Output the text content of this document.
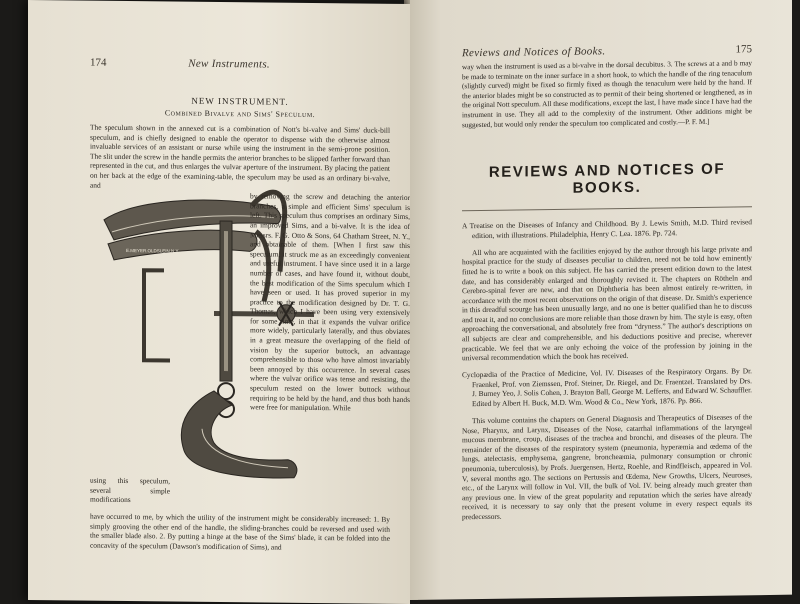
174	New Instruments.

NEW INSTRUMENT.

Combined Bivalve and Sims' Speculum.

The speculum shown in the annexed cut is a combination of Nott's bi-valve and Sims' duck-bill speculum, and is chiefly designed to enable the operator to dispense with the otherwise almost invaluable services of an assistant or nurse while using the instrument in the semi-prone position. The slit under the screw in the handle permits the anterior branches to be slipped farther forward than represented in the cut, and thus enlarges the vulvar aperture of the instrument. By placing the patient on her back at the edge of the examining-table, the speculum may be used as an ordinary bi-valve, and

E.MEYER.OLDSLEIN.N.Y.

by removing the screw and detaching the anterior branches, a simple and efficient Sims' speculum is left. This speculum thus comprises an ordinary Sims, an improved Sims, and a bi-valve. It is the idea of Messrs. F. G. Otto & Sons, 64 Chatham Street, N. Y., and obtainable of them. [When I first saw this speculum, it struck me as an exceedingly convenient and useful instrument. I have since used it in a large number of cases, and have found it, without doubt, the best modification of the Sims speculum which I have seen or used. It has proved superior in my practice to the modification designed by Dr. T. G. Thomas, which I have been using very extensively for some time, in that it expands the vulvar orifice more widely, particularly laterally, and thus obviates in a great measure the overlapping of the field of vision by the superior buttock, an advantage comprehensible to those who have almost invariably been annoyed by this occurrence. In several cases where the vulvar orifice was tense and resisting, the speculum rested on the lower buttock without requiring to be held by the hand, and thus both hands were free for manipulation. While

using this speculum, several simple modifications

have occurred to me, by which the utility of the instrument might be considerably increased: 1. By simply grooving the other end of the handle, the sliding-branches could be reversed and used with the smaller blade also. 2. By putting a hinge at the base of the Sims' blade, it can be folded into the concavity of the speculum (Dawson's modification of Sims), and

Reviews and Notices of Books.	175

way when the instrument is used as a bi-valve in the dorsal decubitus. 3. The screws at a and b may be made to terminate on the inner surface in a short hook, to which the handle of the ring tenaculum (slightly curved) might be fixed so firmly fixed as though the tenaculum were held by the hand. If the anterior blades might be so constructed as to permit of their being shortened or lengthened, as in the original Nott speculum. All these modifications, except the last, I have made since I have had the instrument in use. They all add to the complexity of the instrument. Other additions might be suggested, but would only render the speculum too complicated and costly.—P. F. M.]

REVIEWS AND NOTICES OF BOOKS.

A Treatise on the Diseases of Infancy and Childhood. By J. Lewis Smith, M.D. Third revised edition, with illustrations. Philadelphia, Henry C. Lea. 1876. Pp. 724.

All who are acquainted with the facilities enjoyed by the author through his large private and hospital practice for the study of diseases peculiar to children, need not be told how eminently fitted he is to write a book on this subject. He has carried the present edition down to the latest date, and has considerably enlarged and thoroughly revised it. The chapters on Rötheln and Cerebro-spinal fever are new, and that on Diphtheria has been almost entirely re-written, in accordance with the most recent observations on the origin of that disease. Dr. Smith's experience in this dreadful scourge has been unusually large, and no one is better qualified than he to discuss and treat it, and no conclusions are more reliable than those drawn by him. The style is easy, often approaching the conversational, and absolutely free from “dryness.” The author's descriptions on all subjects are clear and comprehensible, and his deductions positive and precise, wherever practicable. We feel that we are only echoing the voice of the profession by joining in the universal recommendation which the book has received.

Cyclopædia of the Practice of Medicine, Vol. IV. Diseases of the Respiratory Organs. By Dr. Fraenkel, Prof. von Ziemssen, Prof. Steiner, Dr. Riegel, and Dr. Fraentzel. Translated by Drs. J. Burney Yeo, J. Solis Cohen, J. Brayton Ball, George M. Lefferts, and Edward W. Schauffler. Edited by Albert H. Buck, M.D. Wm. Wood & Co., New York, 1876. Pp. 866.

This volume contains the chapters on General Diagnosis and Therapeutics of Diseases of the Nose, Pharynx, and Larynx, Diseases of the Nose, catarrhal inflammations of the laryngeal mucous membrane, croup, diseases of the trachea and bronchi, and diseases of the pleura. The remainder of the diseases of the respiratory system (pneumonia, hyperæmia and œdema of the lungs, atelectasis, emphysema, gangrene, broncheæmia, pulmonary consumption or chronic pneumonia, tuberculosis), by Profs. Juergensen, Hertz, Roehle, and Rindfleisch, appeared in Vol. V, several months ago. The sections on Pertussis and Œdema, New Growths, Ulcers, Neuroses, etc., of the Larynx will follow in Vol. VII, the bulk of Vol. IV. being already much greater than any previous one. In view of the great popularity and reputation which the series have already received, it is necessary to say only that the present volume in every respect equals its predecessors.
